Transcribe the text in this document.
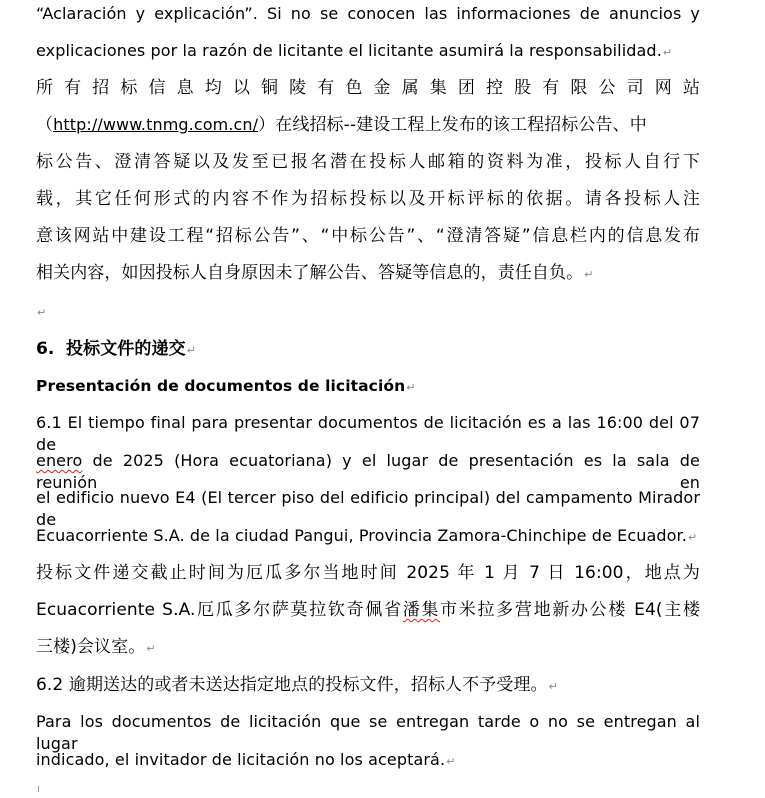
“Aclaración y explicación”. Si no se conocen las informaciones de anuncios y
explicaciones por la razón de licitante el licitante asumirá la responsabilidad.↵
所有招标信息均以铜陵有色金属集团控股有限公司网站
（http://www.tnmg.com.cn/）在线招标--建设工程上发布的该工程招标公告、中
标公告、澄清答疑以及发至已报名潜在投标人邮箱的资料为准，投标人自行下
载，其它任何形式的内容不作为招标投标以及开标评标的依据。请各投标人注
意该网站中建设工程“招标公告”、“中标公告”、“澄清答疑”信息栏内的信息发布
相关内容，如因投标人自身原因未了解公告、答疑等信息的，责任自负。↵
↵
6. 投标文件的递交↵
Presentación de documentos de licitación↵
6.1 El tiempo final para presentar documentos de licitación es a las 16:00 del 07 de
enero de 2025 (Hora ecuatoriana) y el lugar de presentación es la sala de reunión en
el edificio nuevo E4 (El tercer piso del edificio principal) del campamento Mirador de
Ecuacorriente S.A. de la ciudad Pangui, Provincia Zamora-Chinchipe de Ecuador.↵
投标文件递交截止时间为厄瓜多尔当地时间 2025 年 1 月 7 日 16:00，地点为
Ecuacorriente S.A.厄瓜多尔萨莫拉钦奇佩省潘集市米拉多营地新办公楼 E4(主楼
三楼)会议室。↵
6.2 逾期送达的或者未送达指定地点的投标文件，招标人不予受理。↵
Para los documentos de licitación que se entregan tarde o no se entregan al lugar
indicado, el invitador de licitación no los aceptará.↵
